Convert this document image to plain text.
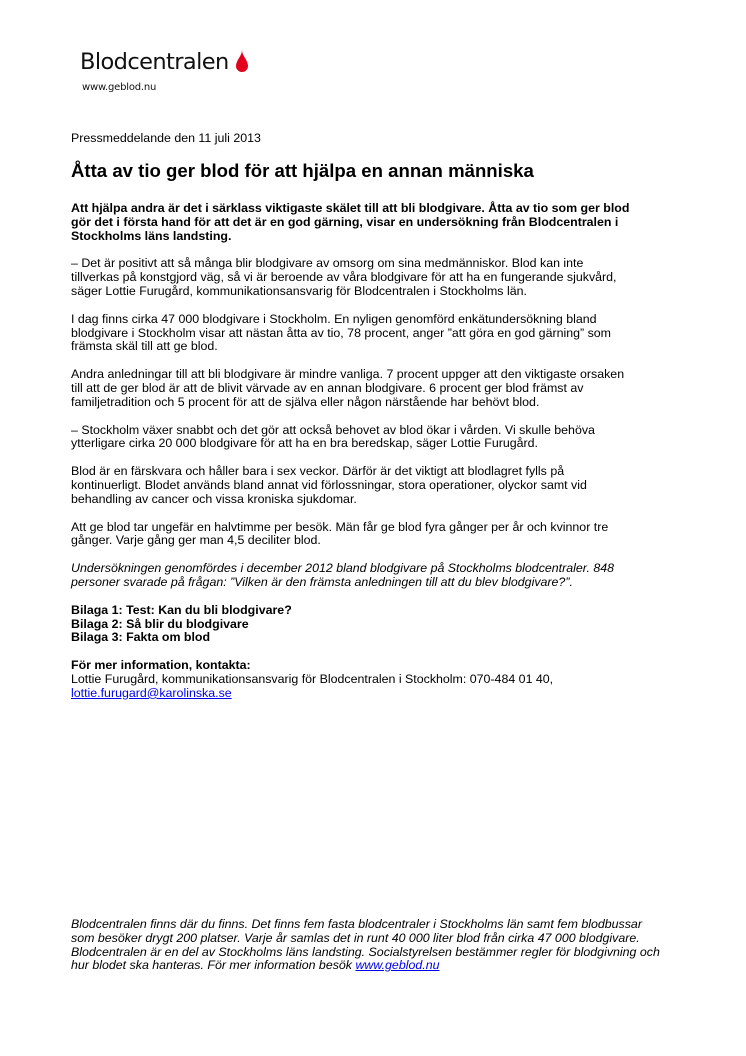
Blodcentralen
www.geblod.nu

Pressmeddelande den 11 juli 2013

Åtta av tio ger blod för att hjälpa en annan människa

Att hjälpa andra är det i särklass viktigaste skälet till att bli blodgivare. Åtta av tio som ger blod gör det i första hand för att det är en god gärning, visar en undersökning från Blodcentralen i Stockholms läns landsting.

– Det är positivt att så många blir blodgivare av omsorg om sina medmänniskor. Blod kan inte tillverkas på konstgjord väg, så vi är beroende av våra blodgivare för att ha en fungerande sjukvård, säger Lottie Furugård, kommunikationsansvarig för Blodcentralen i Stockholms län.

I dag finns cirka 47 000 blodgivare i Stockholm. En nyligen genomförd enkätundersökning bland blodgivare i Stockholm visar att nästan åtta av tio, 78 procent, anger ”att göra en god gärning” som främsta skäl till att ge blod.

Andra anledningar till att bli blodgivare är mindre vanliga. 7 procent uppger att den viktigaste orsaken till att de ger blod är att de blivit värvade av en annan blodgivare. 6 procent ger blod främst av familjetradition och 5 procent för att de själva eller någon närstående har behövt blod.

– Stockholm växer snabbt och det gör att också behovet av blod ökar i vården. Vi skulle behöva ytterligare cirka 20 000 blodgivare för att ha en bra beredskap, säger Lottie Furugård.

Blod är en färskvara och håller bara i sex veckor. Därför är det viktigt att blodlagret fylls på kontinuerligt. Blodet används bland annat vid förlossningar, stora operationer, olyckor samt vid behandling av cancer och vissa kroniska sjukdomar.

Att ge blod tar ungefär en halvtimme per besök. Män får ge blod fyra gånger per år och kvinnor tre gånger. Varje gång ger man 4,5 deciliter blod.

Undersökningen genomfördes i december 2012 bland blodgivare på Stockholms blodcentraler. 848 personer svarade på frågan: ”Vilken är den främsta anledningen till att du blev blodgivare?”.

Bilaga 1: Test: Kan du bli blodgivare?

Bilaga 2: Så blir du blodgivare

Bilaga 3: Fakta om blod

För mer information, kontakta:

Lottie Furugård, kommunikationsansvarig för Blodcentralen i Stockholm: 070-484 01 40,

lottie.furugard@karolinska.se

Blodcentralen finns där du finns. Det finns fem fasta blodcentraler i Stockholms län samt fem blodbussar som besöker drygt 200 platser. Varje år samlas det in runt 40 000 liter blod från cirka 47 000 blodgivare. Blodcentralen är en del av Stockholms läns landsting. Socialstyrelsen bestämmer regler för blodgivning och hur blodet ska hanteras. För mer information besök www.geblod.nu
